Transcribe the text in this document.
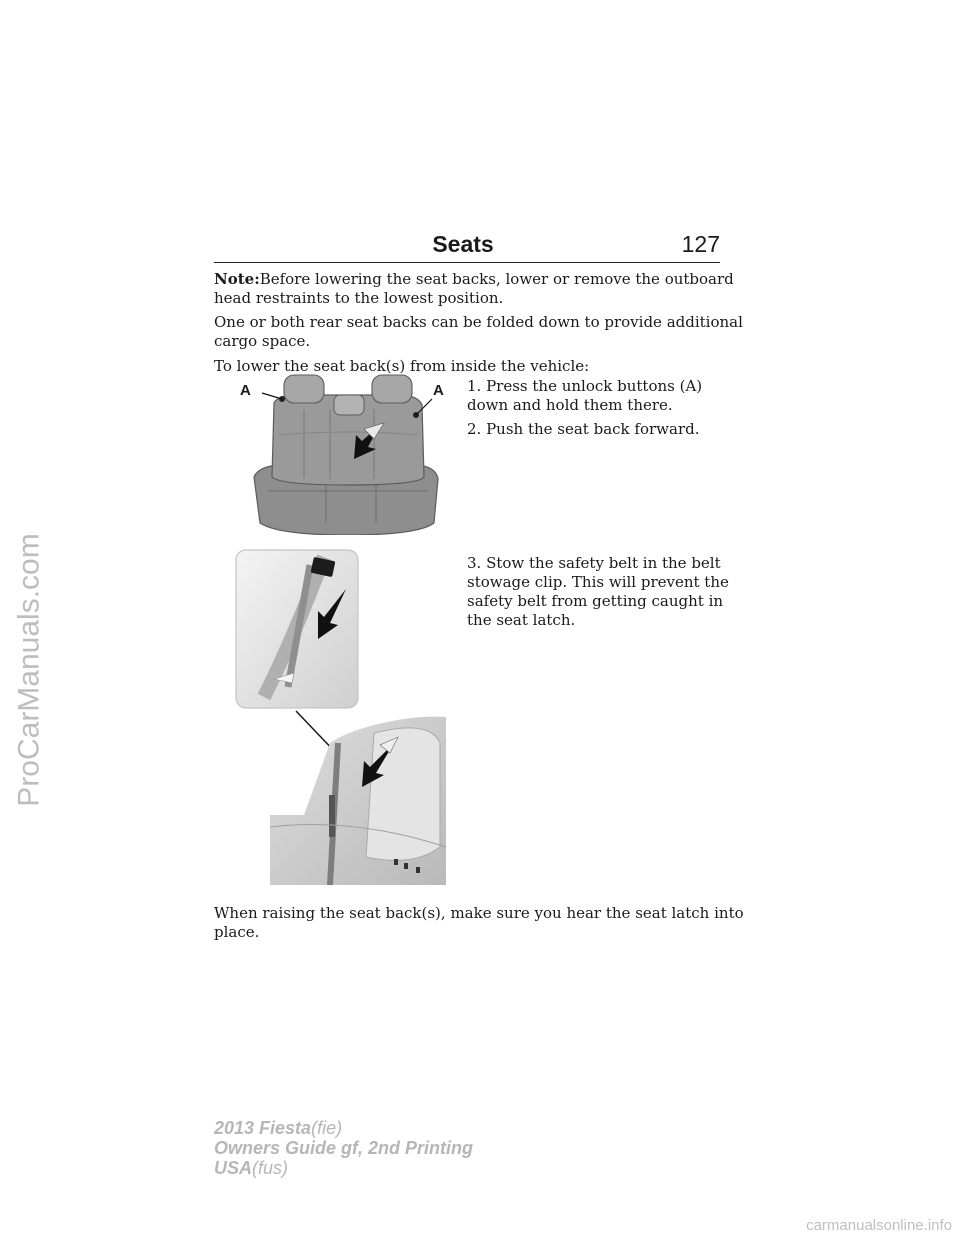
ProCarManuals.com
Seats	127
Note:Before lowering the seat backs, lower or remove the outboard
head restraints to the lowest position.
One or both rear seat backs can be folded down to provide additional
cargo space.
To lower the seat back(s) from inside the vehicle:
1. Press the unlock buttons (A)
down and hold them there.
2. Push the seat back forward.
3. Stow the safety belt in the belt
stowage clip. This will prevent the
safety belt from getting caught in
the seat latch.
A	A
When raising the seat back(s), make sure you hear the seat latch into
place.
2013 Fiesta(fie)
Owners Guide gf, 2nd Printing
USA(fus)
carmanualsonline.info
